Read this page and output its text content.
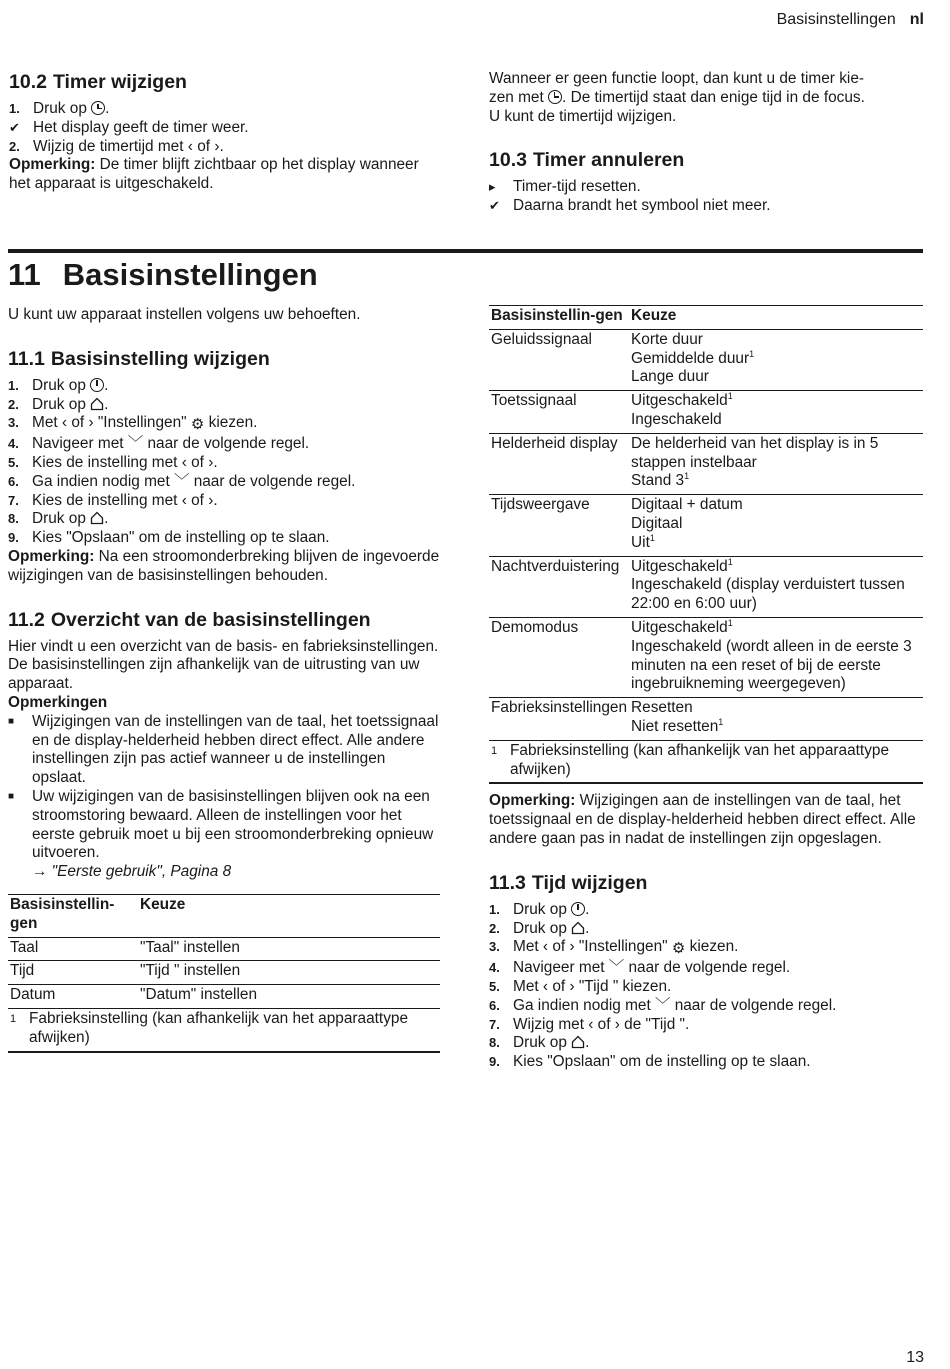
Basisinstellingen nl
10.2 Timer wijzigen
1. Druk op .
✔ Het display geeft de timer weer.
2. Wijzig de timertijd met ‹ of ›.
Opmerking: De timer blijft zichtbaar op het display wanneer het apparaat is uitgeschakeld.
Wanneer er geen functie loopt, dan kunt u de timer kie-
zen met . De timertijd staat dan enige tijd in de focus.
U kunt de timertijd wijzigen.
10.3 Timer annuleren
▸	Timer-tijd resetten.
✔ Daarna brandt het symbool niet meer.
11 Basisinstellingen
U kunt uw apparaat instellen volgens uw behoeften.
11.1 Basisinstelling wijzigen
1. Druk op .
2. Druk op .
3. Met ‹ of › "Instellingen" ⚙ kiezen.
4. Navigeer met ﹀ naar de volgende regel.
5. Kies de instelling met ‹ of ›.
6. Ga indien nodig met ﹀ naar de volgende regel.
7. Kies de instelling met ‹ of ›.
8. Druk op .
9. Kies "Opslaan" om de instelling op te slaan.
Opmerking: Na een stroomonderbreking blijven de ingevoerde wijzigingen van de basisinstellingen behouden.
11.2 Overzicht van de basisinstellingen
Hier vindt u een overzicht van de basis- en fabrieksinstellingen. De basisinstellingen zijn afhankelijk van de uitrusting van uw apparaat.
Opmerkingen
■	Wijzigingen van de instellingen van de taal, het toetssignaal en de display-helderheid hebben direct effect. Alle andere instellingen zijn pas actief wanneer u de instellingen opslaat.
■	Uw wijzigingen van de basisinstellingen blijven ook na een stroomstoring bewaard. Alleen de instellingen voor het eerste gebruik moet u bij een stroomonderbreking opnieuw uitvoeren.
→ "Eerste gebruik", Pagina 8
Basisinstellin-gen	Keuze
Taal	"Taal" instellen
Tijd	"Tijd " instellen
Datum	"Datum" instellen

1 Fabrieksinstelling (kan afhankelijk van het apparaattype afwijken)	
Basisinstellin-gen	Keuze
Geluidssignaal	Korte duur
Gemiddelde duur$^1$
Lange duur

Toetssignaal	Uitgeschakeld$^1$
Ingeschakeld

Helderheid display	De helderheid van het display is in 5 stappen instelbaar
Stand $3^1$

Tijdsweergave	Digitaal + datum
Digitaal
Uit$^1$

Nachtverduistering	Uitgeschakeld$^1$
Ingeschakeld (display verduistert tussen 22:00 en 6:00 uur)

Demomodus	Uitgeschakeld$^1$
Ingeschakeld (wordt alleen in de eerste 3 minuten na een reset of bij de eerste ingebruikneming weergegeven)

Fabrieksinstellingen	Resetten
Niet resetten$^1$

1 Fabrieksinstelling (kan afhankelijk van het apparaattype afwijken)	
Opmerking: Wijzigingen aan de instellingen van de taal, het toetssignaal en de display-helderheid hebben direct effect. Alle andere gaan pas in nadat de instellingen zijn opgeslagen.
11.3 Tijd wijzigen
1. Druk op .
2. Druk op .
3. Met ‹ of › "Instellingen" ⚙ kiezen.
4. Navigeer met ﹀ naar de volgende regel.
5. Met ‹ of › "Tijd " kiezen.
6. Ga indien nodig met ﹀ naar de volgende regel.
7. Wijzig met ‹ of › de "Tijd ".
8. Druk op .
9. Kies "Opslaan" om de instelling op te slaan.
13
